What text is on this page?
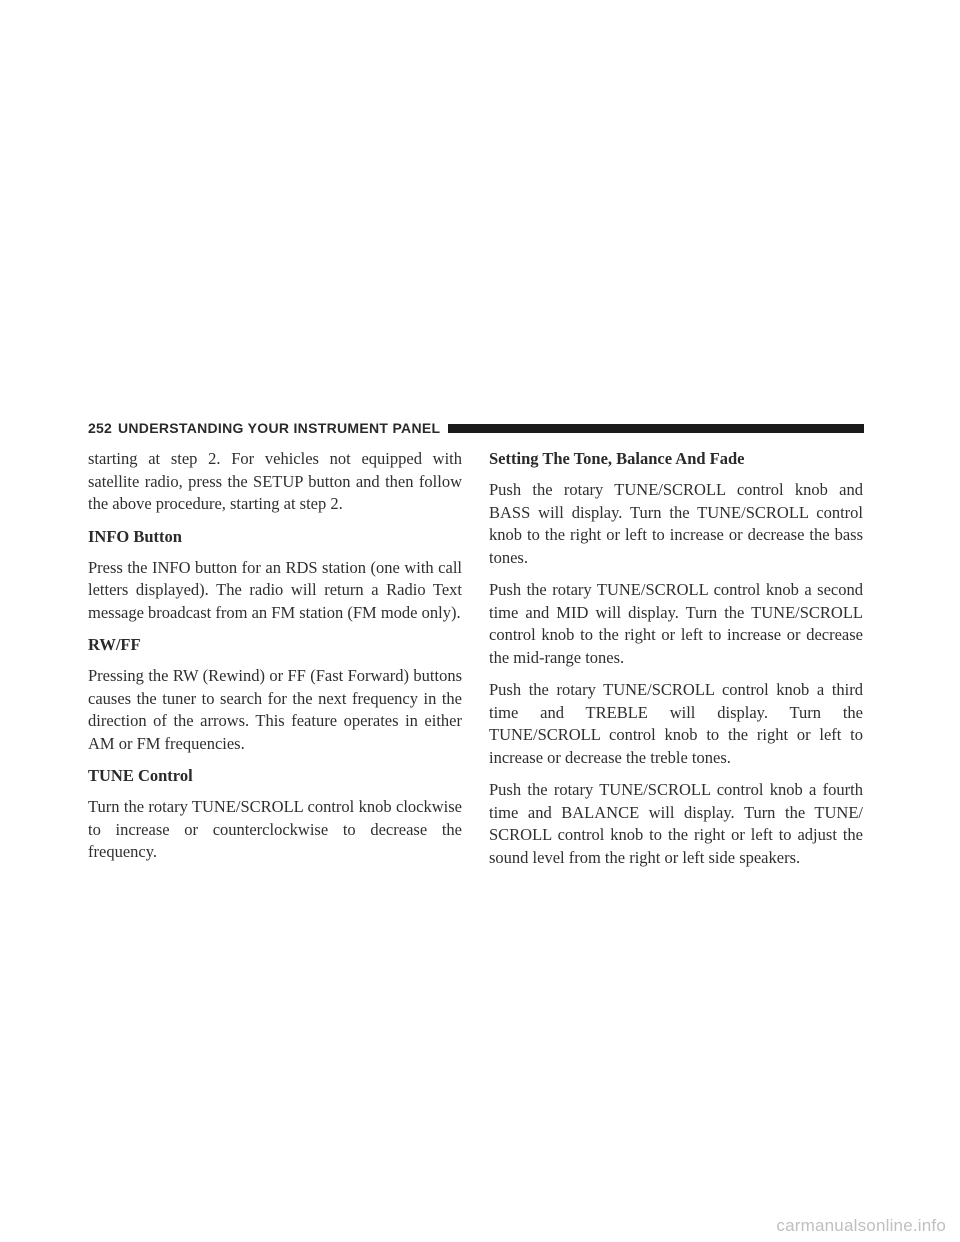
252 UNDERSTANDING YOUR INSTRUMENT PANEL

starting at step 2. For vehicles not equipped with satellite radio, press the SETUP button and then follow the above procedure, starting at step 2.

INFO Button

Press the INFO button for an RDS station (one with call letters displayed). The radio will return a Radio Text message broadcast from an FM station (FM mode only).

RW/FF

Pressing the RW (Rewind) or FF (Fast Forward) buttons causes the tuner to search for the next frequency in the direction of the arrows. This feature operates in either AM or FM frequencies.

TUNE Control

Turn the rotary TUNE/SCROLL control knob clockwise to increase or counterclockwise to decrease the frequency.

Setting The Tone, Balance And Fade

Push the rotary TUNE/SCROLL control knob and BASS will display. Turn the TUNE/SCROLL control knob to the right or left to increase or decrease the bass tones.

Push the rotary TUNE/SCROLL control knob a second time and MID will display. Turn the TUNE/SCROLL control knob to the right or left to increase or decrease the mid-range tones.

Push the rotary TUNE/SCROLL control knob a third time and TREBLE will display. Turn the TUNE/SCROLL control knob to the right or left to increase or decrease the treble tones.

Push the rotary TUNE/SCROLL control knob a fourth time and BALANCE will display. Turn the TUNE/ SCROLL control knob to the right or left to adjust the sound level from the right or left side speakers.

carmanualsonline.info
